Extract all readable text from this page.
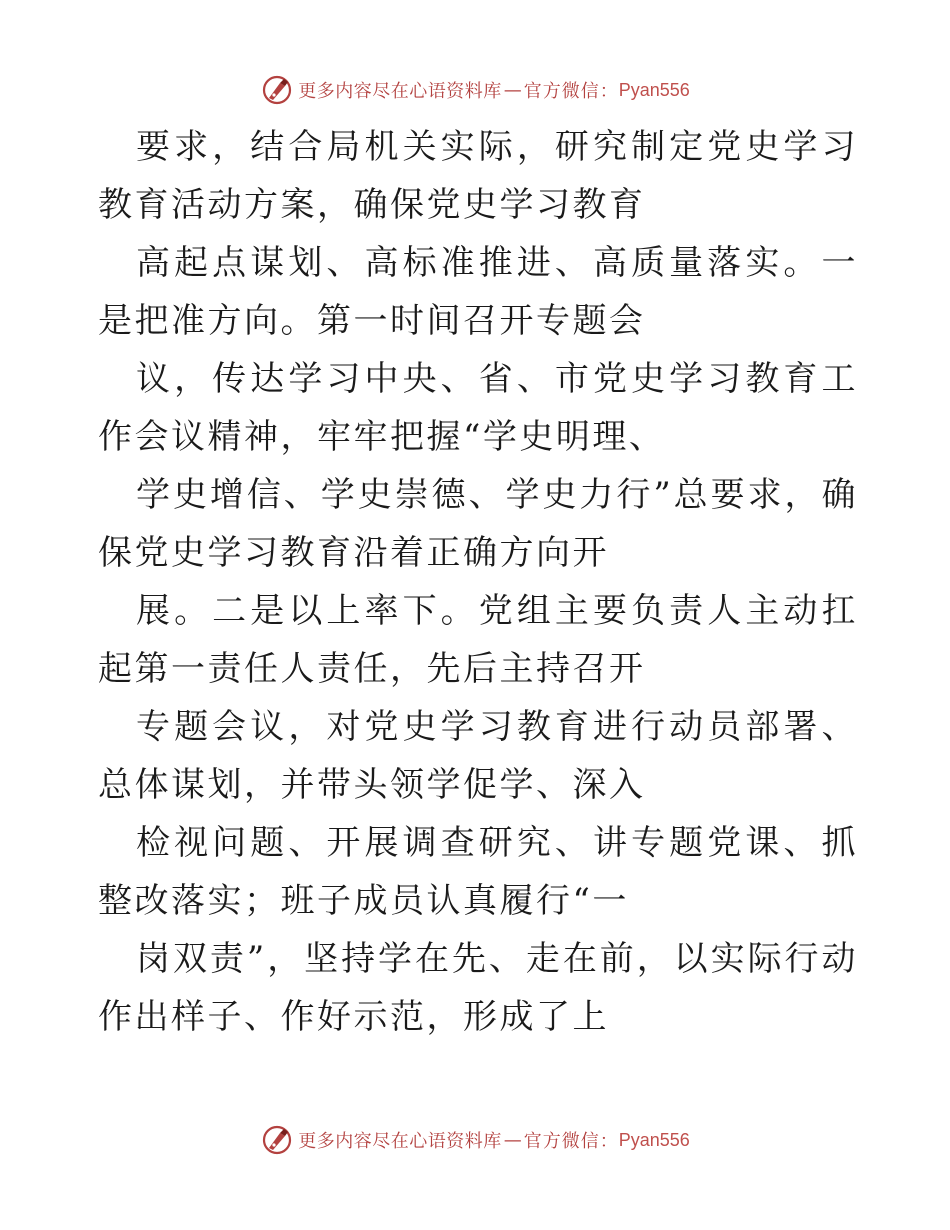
更多内容尽在心语资料库 — 官方微信： Pyan556

要求，结合局机关实际，研究制定党史学习教育活动方案，确保党史学习教育

高起点谋划、高标准推进、高质量落实。一是把准方向。第一时间召开专题会

议，传达学习中央、省、市党史学习教育工作会议精神，牢牢把握“学史明理、

学史增信、学史崇德、学史力行”总要求，确保党史学习教育沿着正确方向开

展。二是以上率下。党组主要负责人主动扛起第一责任人责任，先后主持召开

专题会议，对党史学习教育进行动员部署、总体谋划，并带头领学促学、深入

检视问题、开展调查研究、讲专题党课、抓整改落实；班子成员认真履行“一

岗双责”，坚持学在先、走在前，以实际行动作出样子、作好示范，形成了上

更多内容尽在心语资料库 — 官方微信： Pyan556
